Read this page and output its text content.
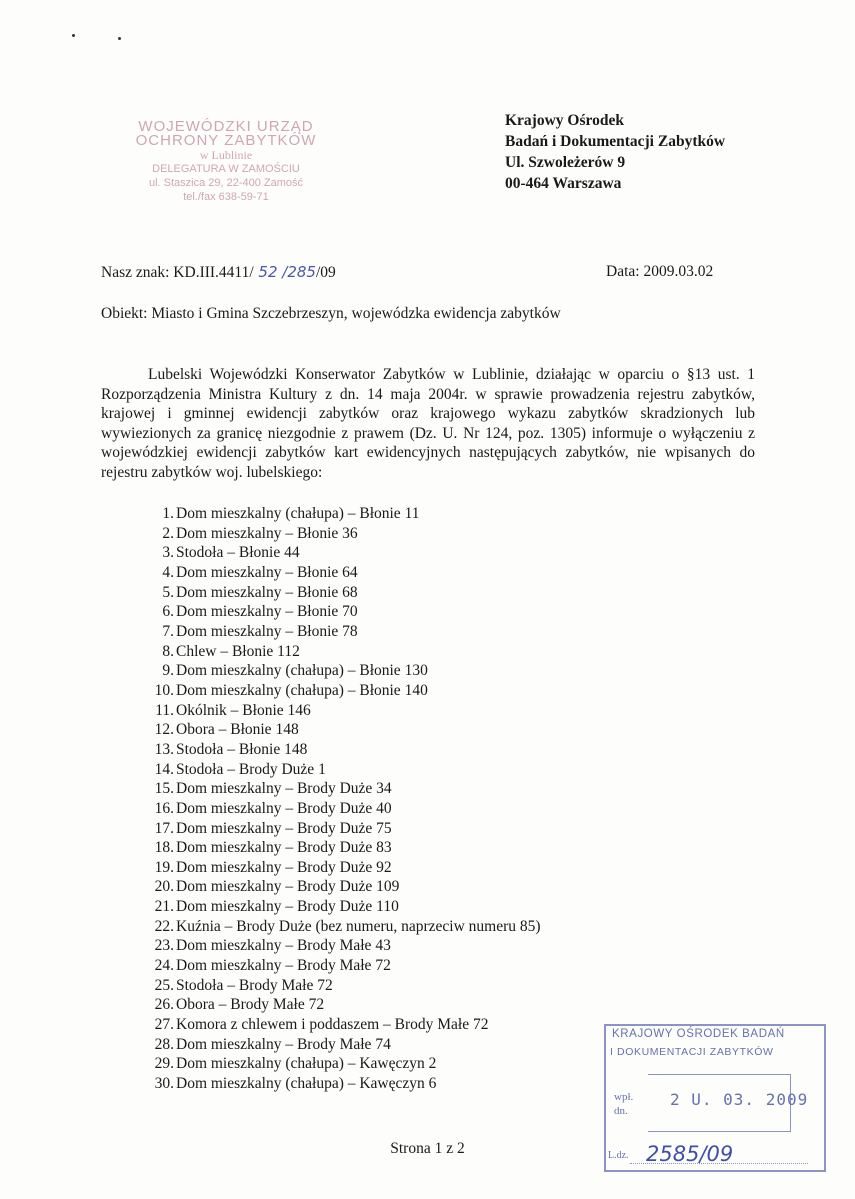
WOJEWÓDZKI URZĄD
OCHRONY ZABYTKÓW
w Lublinie
DELEGATURA W ZAMOŚCIU
ul. Staszica 29, 22-400 Zamość
tel./fax 638-59-71
Krajowy Ośrodek
Badań i Dokumentacji Zabytków
Ul. Szwoleżerów 9
00-464 Warszawa
Nasz znak: KD.III.4411/ 52 /285/09	Data: 2009.03.02
Obiekt: Miasto i Gmina Szczebrzeszyn, wojewódzka ewidencja zabytków
Lubelski Wojewódzki Konserwator Zabytków w Lublinie, działając w oparciu o §13 ust. 1 Rozporządzenia Ministra Kultury z dn. 14 maja 2004r. w sprawie prowadzenia rejestru zabytków, krajowej i gminnej ewidencji zabytków oraz krajowego wykazu zabytków skradzionych lub wywiezionych za granicę niezgodnie z prawem (Dz. U. Nr 124, poz. 1305) informuje o wyłączeniu z wojewódzkiej ewidencji zabytków kart ewidencyjnych następujących zabytków, nie wpisanych do rejestru zabytków woj. lubelskiego:
1. Dom mieszkalny (chałupa) – Błonie 11
2. Dom mieszkalny – Błonie 36
3. Stodoła – Błonie 44
4. Dom mieszkalny – Błonie 64
5. Dom mieszkalny – Błonie 68
6. Dom mieszkalny – Błonie 70
7. Dom mieszkalny – Błonie 78
8. Chlew – Błonie 112
9. Dom mieszkalny (chałupa) – Błonie 130
10. Dom mieszkalny (chałupa) – Błonie 140
11. Okólnik – Błonie 146
12. Obora – Błonie 148
13. Stodoła – Błonie 148
14. Stodoła – Brody Duże 1
15. Dom mieszkalny – Brody Duże 34
16. Dom mieszkalny – Brody Duże 40
17. Dom mieszkalny – Brody Duże 75
18. Dom mieszkalny – Brody Duże 83
19. Dom mieszkalny – Brody Duże 92
20. Dom mieszkalny – Brody Duże 109
21. Dom mieszkalny – Brody Duże 110
22. Kuźnia – Brody Duże (bez numeru, naprzeciw numeru 85)
23. Dom mieszkalny – Brody Małe 43
24. Dom mieszkalny – Brody Małe 72
25. Stodoła – Brody Małe 72
26. Obora – Brody Małe 72
27. Komora z chlewem i poddaszem – Brody Małe 72
28. Dom mieszkalny – Brody Małe 74
29. Dom mieszkalny (chałupa) – Kawęczyn 2
30. Dom mieszkalny (chałupa) – Kawęczyn 6
Strona 1 z 2
KRAJOWY OŚRODEK BADAŃ
I DOKUMENTACJI ZABYTKÓW
wpł.
dn.
2 U. 03. 2009
L.dz. 2585/09
